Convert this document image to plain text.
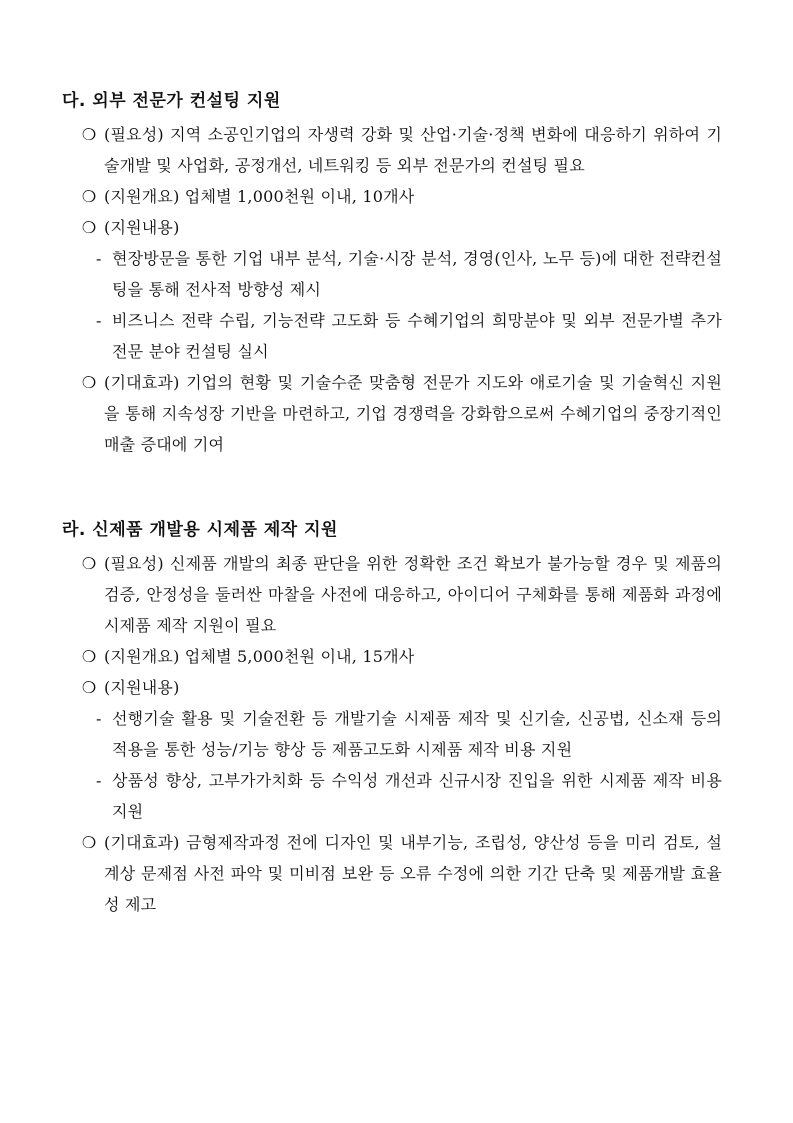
다. 외부 전문가 컨설팅 지원
❍ (필요성) 지역 소공인기업의 자생력 강화 및 산업·기술·정책 변화에 대응하기 위하여 기술개발 및 사업화, 공정개선, 네트워킹 등 외부 전문가의 컨설팅 필요
❍ (지원개요) 업체별 1,000천원 이내, 10개사
❍ (지원내용)
- 현장방문을 통한 기업 내부 분석, 기술·시장 분석, 경영(인사, 노무 등)에 대한 전략컨설팅을 통해 전사적 방향성 제시
- 비즈니스 전략 수립, 기능전략 고도화 등 수혜기업의 희망분야 및 외부 전문가별 추가 전문 분야 컨설팅 실시
❍ (기대효과) 기업의 현황 및 기술수준 맞춤형 전문가 지도와 애로기술 및 기술혁신 지원을 통해 지속성장 기반을 마련하고, 기업 경쟁력을 강화함으로써 수혜기업의 중장기적인 매출 증대에 기여
라. 신제품 개발용 시제품 제작 지원
❍ (필요성) 신제품 개발의 최종 판단을 위한 정확한 조건 확보가 불가능할 경우 및 제품의 검증, 안정성을 둘러싼 마찰을 사전에 대응하고, 아이디어 구체화를 통해 제품화 과정에 시제품 제작 지원이 필요
❍ (지원개요) 업체별 5,000천원 이내, 15개사
❍ (지원내용)
- 선행기술 활용 및 기술전환 등 개발기술 시제품 제작 및 신기술, 신공법, 신소재 등의 적용을 통한 성능/기능 향상 등 제품고도화 시제품 제작 비용 지원
- 상품성 향상, 고부가가치화 등 수익성 개선과 신규시장 진입을 위한 시제품 제작 비용 지원
❍ (기대효과) 금형제작과정 전에 디자인 및 내부기능, 조립성, 양산성 등을 미리 검토, 설계상 문제점 사전 파악 및 미비점 보완 등 오류 수정에 의한 기간 단축 및 제품개발 효율성 제고
